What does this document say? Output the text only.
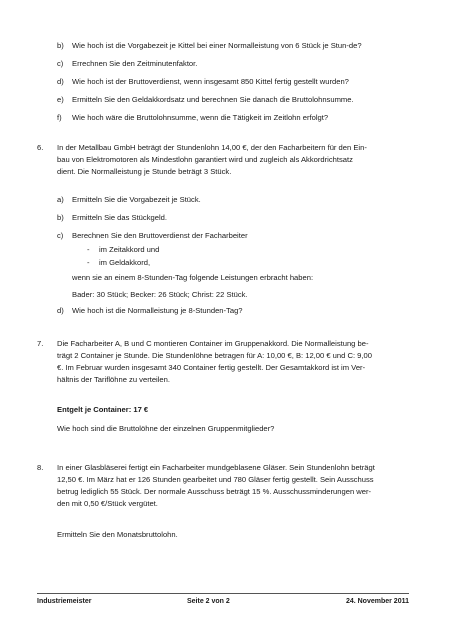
b) Wie hoch ist die Vorgabezeit je Kittel bei einer Normalleistung von 6 Stück je Stun-de?
c) Errechnen Sie den Zeitminutenfaktor.
d) Wie hoch ist der Bruttoverdienst, wenn insgesamt 850 Kittel fertig gestellt wurden?
e) Ermitteln Sie den Geldakkordsatz und berechnen Sie danach die Bruttolohnsumme.
f) Wie hoch wäre die Bruttolohnsumme, wenn die Tätigkeit im Zeitlohn erfolgt?
6. In der Metallbau GmbH beträgt der Stundenlohn 14,00 €, der den Facharbeitern für den Ein-
bau von Elektromotoren als Mindestlohn garantiert wird und zugleich als Akkordrichtsatz
dient. Die Normalleistung je Stunde beträgt 3 Stück.
a) Ermitteln Sie die Vorgabezeit je Stück.
b) Ermitteln Sie das Stückgeld.
c) Berechnen Sie den Bruttoverdienst der Facharbeiter
- im Zeitakkord und
- im Geldakkord,
wenn sie an einem 8-Stunden-Tag folgende Leistungen erbracht haben:
Bader: 30 Stück; Becker: 26 Stück; Christ: 22 Stück.
d) Wie hoch ist die Normalleistung je 8-Stunden-Tag?
7. Die Facharbeiter A, B und C montieren Container im Gruppenakkord. Die Normalleistung be-
trägt 2 Container je Stunde. Die Stundenlöhne betragen für A: 10,00 €, B: 12,00 € und C: 9,00
€. Im Februar wurden insgesamt 340 Container fertig gestellt. Der Gesamtakkord ist im Ver-
hältnis der Tariflöhne zu verteilen.
Entgelt je Container: 17 €
Wie hoch sind die Bruttolöhne der einzelnen Gruppenmitglieder?
8. In einer Glasbläserei fertigt ein Facharbeiter mundgeblasene Gläser. Sein Stundenlohn beträgt
12,50 €. Im März hat er 126 Stunden gearbeitet und 780 Gläser fertig gestellt. Sein Ausschuss
betrug lediglich 55 Stück. Der normale Ausschuss beträgt 15 %. Ausschussminderungen wer-
den mit 0,50 €/Stück vergütet.
Ermitteln Sie den Monatsbruttolohn.
Industriemeister	Seite 2 von 2	24. November 2011
